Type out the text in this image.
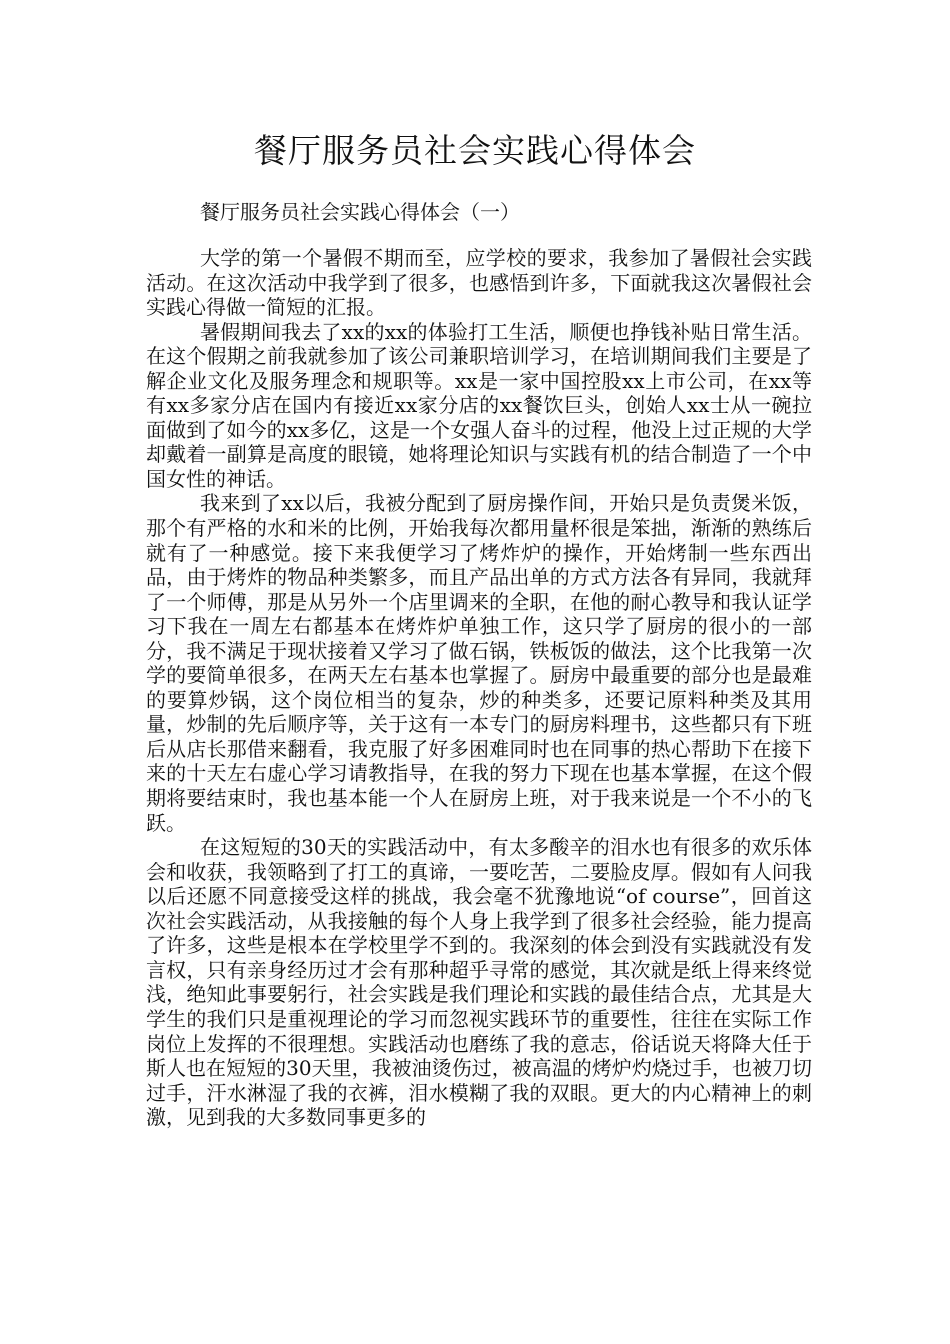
餐厅服务员社会实践心得体会

餐厅服务员社会实践心得体会（一）

大学的第一个暑假不期而至，应学校的要求，我参加了暑假社会实践活动。在这次活动中我学到了很多，也感悟到许多，下面就我这次暑假社会实践心得做一简短的汇报。

暑假期间我去了xx的xx的体验打工生活，顺便也挣钱补贴日常生活。在这个假期之前我就参加了该公司兼职培训学习，在培训期间我们主要是了解企业文化及服务理念和规职等。xx是一家中国控股xx上市公司，在xx等有xx多家分店在国内有接近xx家分店的xx餐饮巨头，创始人xx士从一碗拉面做到了如今的xx多亿，这是一个女强人奋斗的过程，他没上过正规的大学却戴着一副算是高度的眼镜，她将理论知识与实践有机的结合制造了一个中国女性的神话。

我来到了xx以后，我被分配到了厨房操作间，开始只是负责煲米饭，那个有严格的水和米的比例，开始我每次都用量杯很是笨拙，渐渐的熟练后就有了一种感觉。接下来我便学习了烤炸炉的操作，开始烤制一些东西出品，由于烤炸的物品种类繁多，而且产品出单的方式方法各有异同，我就拜了一个师傅，那是从另外一个店里调来的全职，在他的耐心教导和我认证学习下我在一周左右都基本在烤炸炉单独工作，这只学了厨房的很小的一部分，我不满足于现状接着又学习了做石锅，铁板饭的做法，这个比我第一次学的要简单很多，在两天左右基本也掌握了。厨房中最重要的部分也是最难的要算炒锅，这个岗位相当的复杂，炒的种类多，还要记原料种类及其用量，炒制的先后顺序等，关于这有一本专门的厨房料理书，这些都只有下班后从店长那借来翻看，我克服了好多困难同时也在同事的热心帮助下在接下来的十天左右虚心学习请教指导，在我的努力下现在也基本掌握，在这个假期将要结束时，我也基本能一个人在厨房上班，对于我来说是一个不小的飞跃。

在这短短的30天的实践活动中，有太多酸辛的泪水也有很多的欢乐体会和收获，我领略到了打工的真谛，一要吃苦，二要脸皮厚。假如有人问我以后还愿不同意接受这样的挑战，我会毫不犹豫地说“of course”，回首这次社会实践活动，从我接触的每个人身上我学到了很多社会经验，能力提高了许多，这些是根本在学校里学不到的。我深刻的体会到没有实践就没有发言权，只有亲身经历过才会有那种超乎寻常的感觉，其次就是纸上得来终觉浅，绝知此事要躬行，社会实践是我们理论和实践的最佳结合点，尤其是大学生的我们只是重视理论的学习而忽视实践环节的重要性，往往在实际工作岗位上发挥的不很理想。实践活动也磨练了我的意志，俗话说天将降大任于斯人也在短短的30天里，我被油烫伤过，被高温的烤炉灼烧过手，也被刀切过手，汗水淋湿了我的衣裤，泪水模糊了我的双眼。更大的内心精神上的刺激，见到我的大多数同事更多的
